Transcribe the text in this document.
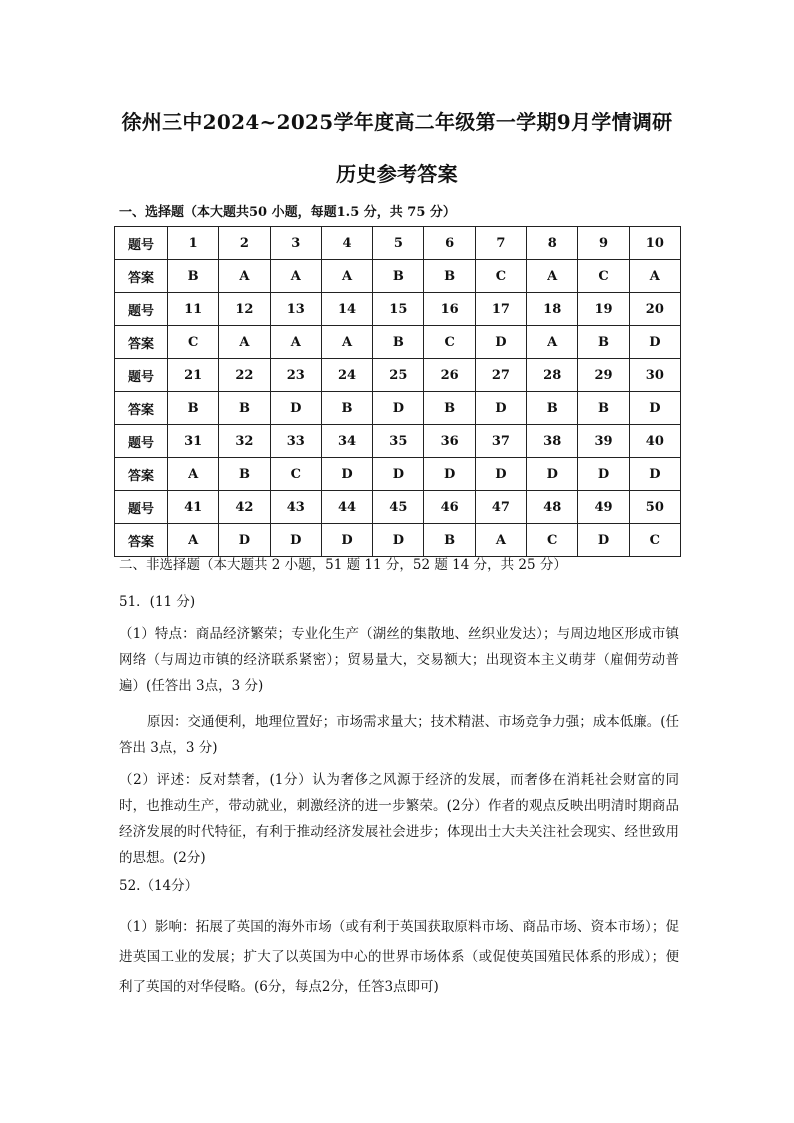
徐州三中2024~2025学年度高二年级第一学期9月学情调研
历史参考答案
一、选择题（本大题共50 小题，每题1.5 分，共 75 分）
题号	1	2	3	4	5	6	7	8	9	10
答案	B	A	A	A	B	B	C	A	C	A
题号	11	12	13	14	15	16	17	18	19	20
答案	C	A	A	A	B	C	D	A	B	D
题号	21	22	23	24	25	26	27	28	29	30
答案	B	B	D	B	D	B	D	B	B	D
题号	31	32	33	34	35	36	37	38	39	40
答案	A	B	C	D	D	D	D	D	D	D
题号	41	42	43	44	45	46	47	48	49	50
答案	A	D	D	D	D	B	A	C	D	C
二、非选择题（本大题共 2 小题，51 题 11 分，52 题 14 分，共 25 分）
51．(11 分)
（1）特点：商品经济繁荣；专业化生产（湖丝的集散地、丝织业发达）；与周边地区形成市镇网络（与周边市镇的经济联系紧密）；贸易量大，交易额大；出现资本主义萌芽（雇佣劳动普遍）(任答出 3点，3 分)
原因：交通便利，地理位置好；市场需求量大；技术精湛、市场竞争力强；成本低廉。(任答出 3点，3 分)
（2）评述：反对禁奢，(1分）认为奢侈之风源于经济的发展，而奢侈在消耗社会财富的同时，也推动生产，带动就业，刺激经济的进一步繁荣。(2分）作者的观点反映出明清时期商品经济发展的时代特征，有利于推动经济发展社会进步；体现出士大夫关注社会现实、经世致用的思想。(2分)
52.（14分）
（1）影响：拓展了英国的海外市场（或有利于英国获取原料市场、商品市场、资本市场）；促进英国工业的发展；扩大了以英国为中心的世界市场体系（或促使英国殖民体系的形成）；便利了英国的对华侵略。(6分，每点2分，任答3点即可)
